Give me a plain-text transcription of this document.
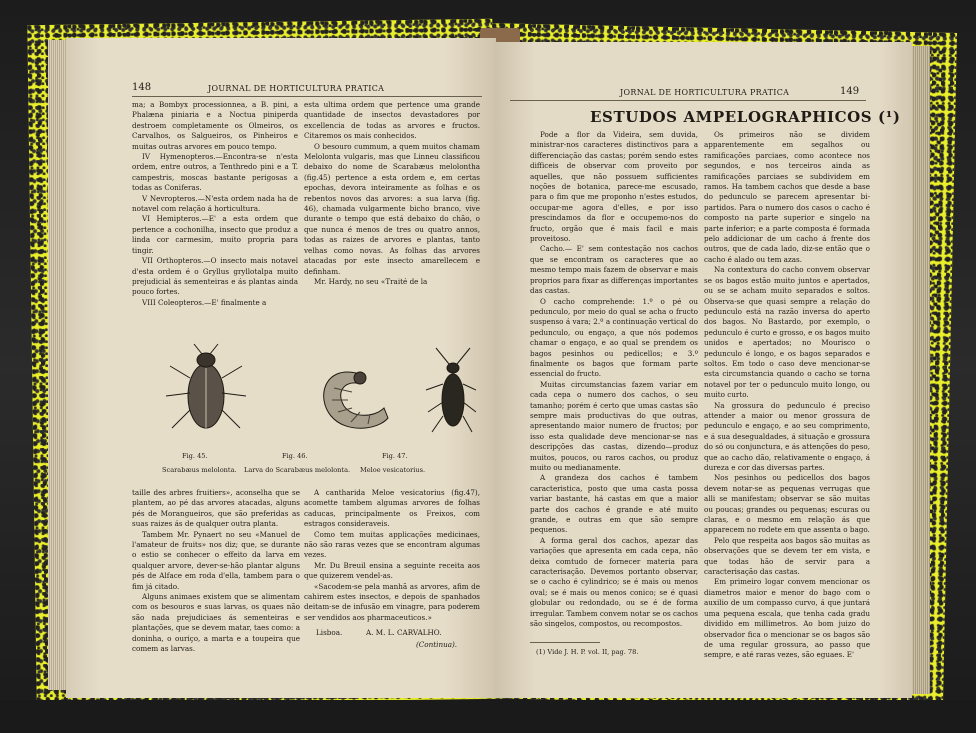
148	JOURNAL DE HORTICULTURA PRATICA

ma; a Bombyx processionnea, a B. pini, a Phalæna piniaria e a Noctua piniperda destroem completamente os Olmeiros, os Carvalhos, os Salgueiros, os Pinheiros e muitas outras arvores em pouco tempo.

IV Hymenopteros.—Encontra-se n'esta ordem, entre outros, a Tenthredo pini e a T. campestris, moscas bastante perigosas a todas as Coniferas.

V Nevropteros.—N'esta ordem nada ha de notavel com relação á horticultura.

VI Hemipteros.—E' a esta ordem que pertence a cochonilha, insecto que produz a linda cor carmesim, muito propria para tingir.

VII Orthopteros.—O insecto mais notavel d'esta ordem é o Gryllus gryllotalpa muito prejudicial ás sementeiras e ás plantas ainda pouco fortes.

VIII Coleopteros.—E' finalmente a

esta ultima ordem que pertence uma grande quantidade de insectos devastadores por excellencia de todas as arvores e fructos. Citaremos os mais conhecidos.

O besouro cummum, a quem muitos chamam Melolonta vulgaris, mas que Linneu classificou debaixo do nome de Scarabæus melolontha (fig.45) pertence a esta ordem e, em certas epochas, devora inteiramente as folhas e os rebentos novos das arvores: a sua larva (fig. 46), chamada vulgarmente bicho branco, vive durante o tempo que está debaixo do chão, o que nunca é menos de tres ou quatro annos, todas as raizes de arvores e plantas, tanto velhas como novas. As folhas das arvores atacadas por este insecto amarellecem e definham.

Mr. Hardy, no seu «Traité de la

Fig. 45.	Fig. 46.	Fig. 47.
Scarabæus melolonta. Larva do Scarabæus melolonta. Meloe vesicatorius.

taille des arbres fruitiers», aconselha que se plantem, ao pé das arvores atacadas, alguns pés de Morangueiros, que são preferidas as suas raizes ás de qualquer outra planta.

Tambem Mr. Pynaert no seu «Manuel de l'amateur de fruits» nos diz; que, se durante o estio se conhecer o effeito da larva em qualquer arvore, dever-se-hão plantar alguns pés de Alface em roda d'ella, tambem para o fim já citado.

Alguns animaes existem que se alimentam com os besouros e suas larvas, os quaes não são nada prejudiciaes ás sementeiras e plantações, que se devem matar, taes como: a doninha, o ouriço, a marta e a toupeira que comem as larvas.

A cantharida Meloe vesicatorius (fig.47), acomette tambem algumas arvores de folhas caducas, principalmente os Freixos, com estragos consideraveis.

Como tem muitas applicações medicinaes, não são raras vezes que se encontram algumas vezes.

Mr. Du Breuil ensina a seguinte receita aos que quizerem vendel-as.

«Sacodem-se pela manhã as arvores, afim de cahirem estes insectos, e depois de spanhados deitam-se de infusão em vinagre, para poderem ser vendidos aos pharmaceuticos.»

Lisboa.	A. M. L. CARVALHO.
(Continua).
JORNAL DE HORTICULTURA PRATICA	149
ESTUDOS AMPELOGRAPHICOS (¹)

Pode a flor da Videira, sem duvida, ministrar-nos caracteres distinctivos para a differenciação das castas; porém sendo estes difficeis de observar com proveito por aquelles, que não possuem sufficientes noções de botanica, parece-me escusado, para o fim que me proponho n'estes estudos, occupar-me agora d'elles, e por isso prescindamos da flor e occupemo-nos do fructo, orgão que é mais facil e mais proveitoso.

Cacho.— E' sem contestação nos cachos que se encontram os caracteres que ao mesmo tempo mais fazem de observar e mais proprios para fixar as differenças importantes das castas.

O cacho comprehende: 1.º o pé ou pedunculo, por meio do qual se acha o fructo suspenso á vara; 2.º a continuação vertical do pedunculo, ou engaço, a que nós podemos chamar o engaço, e ao qual se prendem os bagos pesinhos ou pedicellos; e 3.º finalmente os bagos que formam parte essencial do fructo.

Muitas circumstancias fazem variar em cada cepa o numero dos cachos, o seu tamanho; porém é certo que umas castas são sempre mais productivas do que outras, apresentando maior numero de fructos; por isso esta qualidade deve mencionar-se nas descripções das castas, dizendo—produz muitos, poucos, ou raros cachos, ou produz muito ou medianamente.

A grandeza dos cachos é tambem caracteristica, posto que uma casta possa variar bastante, há castas em que a maior parte dos cachos é grande e até muito grande, e outras em que são sempre pequenos.

A forma geral dos cachos, apezar das variações que apresenta em cada cepa, não deixa comtudo de fornecer materia para caracterisação. Devemos portanto observar, se o cacho é cylindrico; se é mais ou menos oval; se é mais ou menos conico; se é quasi globular ou redondado, ou se é de forma irregular. Tambem convem notar se os cachos são singelos, compostos, ou recompostos.

(1) Vide J. H. P. vol. II, pag. 78.

Os primeiros não se dividem apparentemente em segalhos ou ramificações parciaes, como acontece nos segundos, e nos terceiros ainda as ramificações parciaes se subdividem em ramos. Ha tambem cachos que desde a base do pedunculo se parecem apresentar bi-partidos. Para o numero dos casos o cacho é composto na parte superior e singelo na parte inferior; e a parte composta é formada pelo addicionar de um cacho á frente dos outros, que de cada lado, diz-se então que o cacho é alado ou tem azas.

Na contextura do cacho convem observar se os bagos estão muito juntos e apertados, ou se se acham muito separados e soltos. Observa-se que quasi sempre a relação do pedunculo está na razão inversa do aperto dos bagos. No Bastardo, por exemplo, o pedunculo é curto e grosso, e os bagos muito unidos e apertados; no Mourisco o pedunculo é longo, e os bagos separados e soltos. Em todo o caso deve mencionar-se esta circumstancia quando o cacho se torna notavel por ter o pedunculo muito longo, ou muito curto.

Na grossura do pedunculo é preciso attender a maior ou menor grossura de pedunculo e engaço, e ao seu comprimento, e á sua desegualdades, á situação e grossura do só ou conjunctura, e ás attenções do peso, que ao cacho dão, relativamente o engaço, á dureza e cor das diversas partes.

Nos pesinhos ou pedicellos dos bagos devem notar-se as pequenas verrugas que alli se manifestam; observar se são muitas ou poucas; grandes ou pequenas; escuras ou claras, e o mesmo em relação ás que apparecem no rodete em que assenta o bago.

Pelo que respeita aos bagos são muitas as observações que se devem ter em vista, e que todas hão de servir para a caracterisação das castas.

Em primeiro logar convem mencionar os diametros maior e menor do bago com o auxilio de um compasso curvo, á que juntará uma pequena escala, que tenha cada gradu dividido em millimetros. Ao bom juizo do observador fica o mencionar se os bagos são de uma regular grossura, ao passo que sempre, e até raras vezes, são eguaes. E'
